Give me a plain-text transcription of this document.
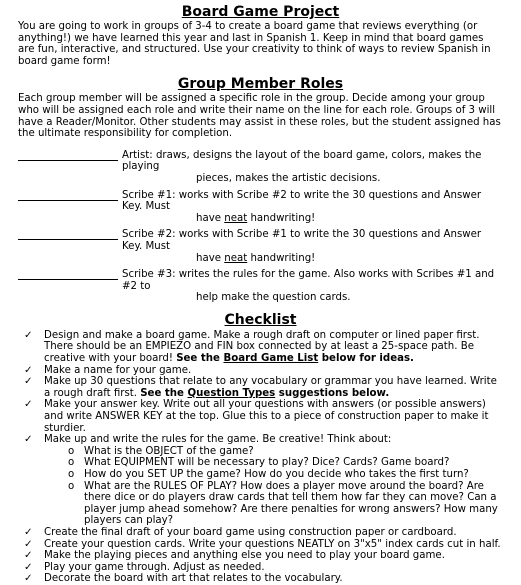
Board Game Project

You are going to work in groups of 3-4 to create a board game that reviews everything (or anything!) we have learned this year and last in Spanish 1. Keep in mind that board games are fun, interactive, and structured. Use your creativity to think of ways to review Spanish in board game form!

Group Member Roles

Each group member will be assigned a specific role in the group. Decide among your group who will be assigned each role and write their name on the line for each role. Groups of 3 will have a Reader/Monitor. Other students may assist in these roles, but the student assigned has the ultimate responsibility for completion.

Artist: draws, designs the layout of the board game, colors, makes the playing
pieces, makes the artistic decisions.
Scribe #1: works with Scribe #2 to write the 30 questions and Answer Key. Must
have neat handwriting!
Scribe #2: works with Scribe #1 to write the 30 questions and Answer Key. Must
have neat handwriting!
Scribe #3: writes the rules for the game. Also works with Scribes #1 and #2 to
help make the question cards.
Checklist
✓ Design and make a board game. Make a rough draft on computer or lined paper first. There should be an EMPIEZO and FIN box connected by at least a 25-space path. Be creative with your board! See the Board Game List below for ideas.
✓ Make a name for your game.
✓ Make up 30 questions that relate to any vocabulary or grammar you have learned. Write a rough draft first. See the Question Types suggestions below.
✓ Make your answer key. Write out all your questions with answers (or possible answers) and write ANSWER KEY at the top. Glue this to a piece of construction paper to make it sturdier.
✓ Make up and write the rules for the game. Be creative! Think about:
o What is the OBJECT of the game?
o What EQUIPMENT will be necessary to play? Dice? Cards? Game board?
o How do you SET UP the game? How do you decide who takes the first turn?
o What are the RULES OF PLAY? How does a player move around the board? Are there dice or do players draw cards that tell them how far they can move? Can a player jump ahead somehow? Are there penalties for wrong answers? How many players can play?
✓ Create the final draft of your board game using construction paper or cardboard.
✓ Create your question cards. Write your questions NEATLY on 3"x5" index cards cut in half.
✓ Make the playing pieces and anything else you need to play your board game.
✓ Play your game through. Adjust as needed.
✓ Decorate the board with art that relates to the vocabulary.
